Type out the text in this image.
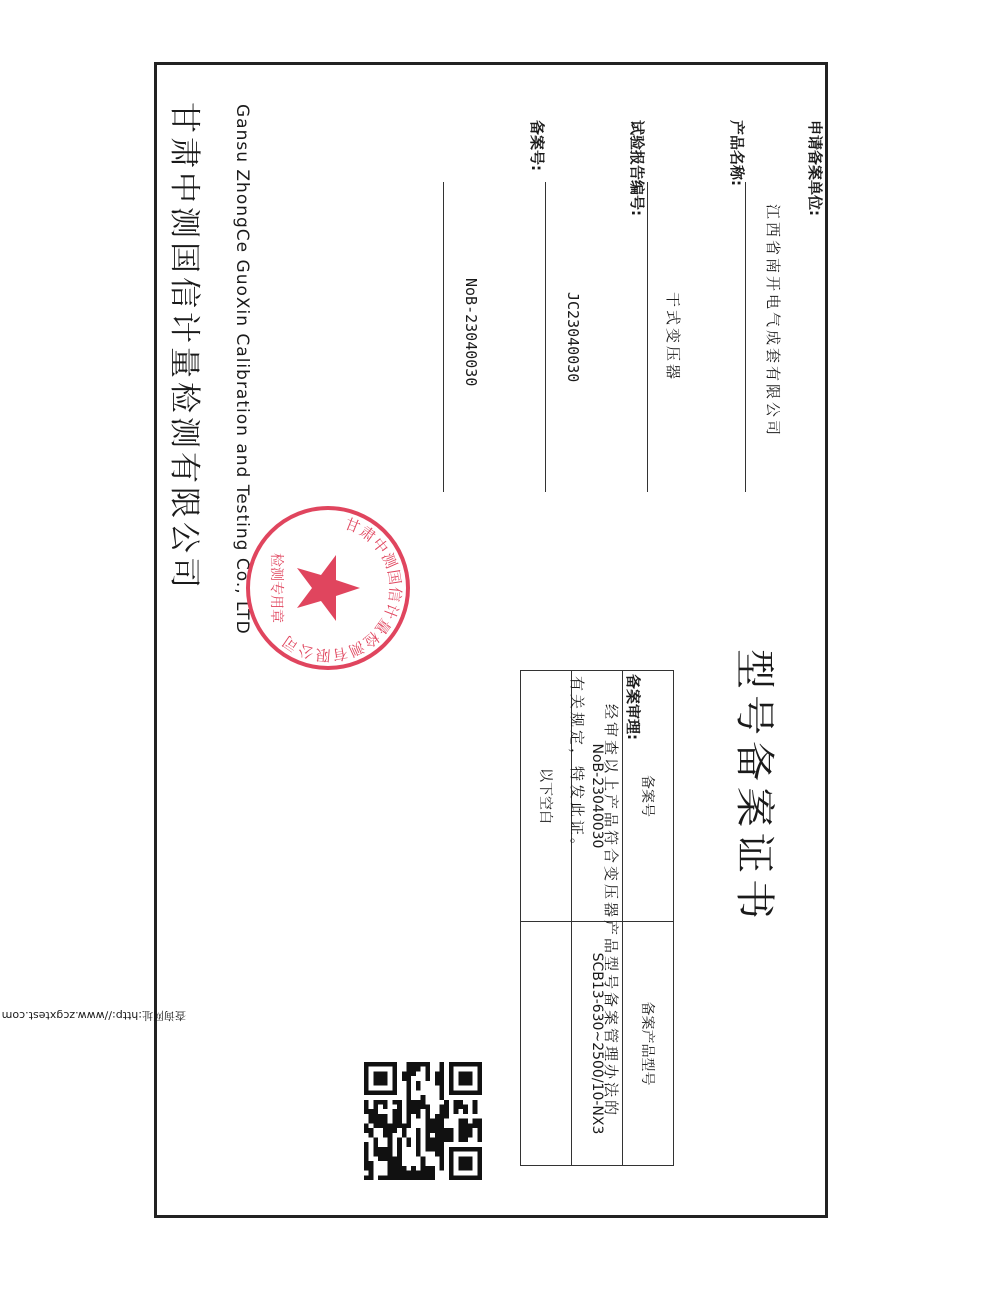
型号备案证书
申请备案单位:
江西省南开电气成套有限公司
产品名称:
干式变压器
试验报告编号:
JC23040030
备案号:
NoB-23040030
备案号	备案产品型号
NoB-23040030	SCB13-630~2500/10-NX3
以下空白	
备案审理:
经审查以上产品符合变压器产品型号备案管理办法的
有关规定，特发此证。
Gansu ZhongCe GuoXin Calibration and Testing Co., LTD
甘肃中测国信计量检测有限公司	甘肃中测国信计量检测有限公司
检测专用章
查询网址:http://www.zcgxtest.com
